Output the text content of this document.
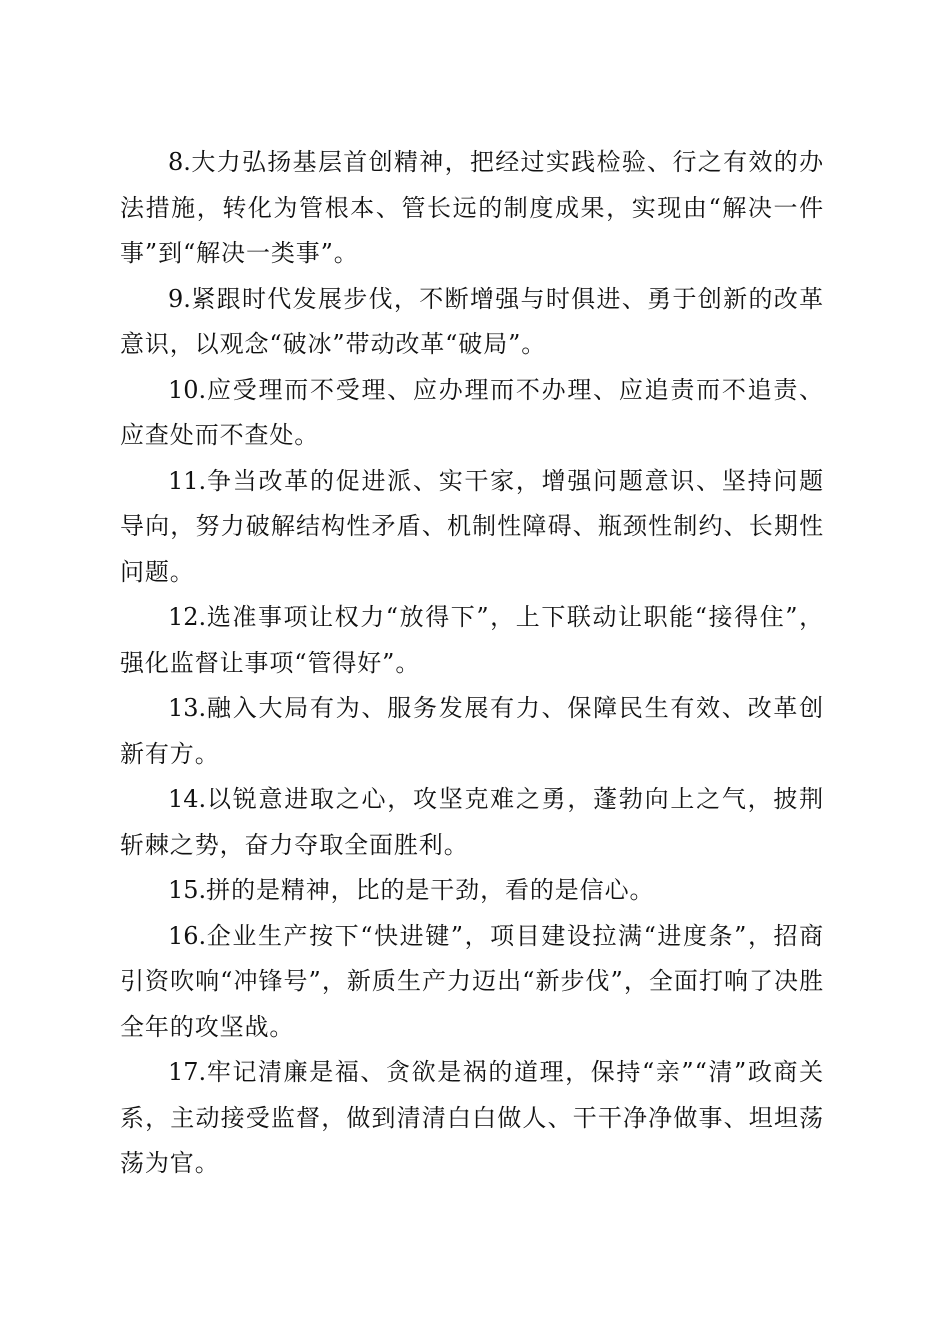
8.大力弘扬基层首创精神，把经过实践检验、行之有效的办法措施，转化为管根本、管长远的制度成果，实现由“解决一件事”到“解决一类事”。

9.紧跟时代发展步伐，不断增强与时俱进、勇于创新的改革意识，以观念“破冰”带动改革“破局”。

10.应受理而不受理、应办理而不办理、应追责而不追责、应查处而不查处。

11.争当改革的促进派、实干家，增强问题意识、坚持问题导向，努力破解结构性矛盾、机制性障碍、瓶颈性制约、长期性问题。

12.选准事项让权力“放得下”，上下联动让职能“接得住”，强化监督让事项“管得好”。

13.融入大局有为、服务发展有力、保障民生有效、改革创新有方。

14.以锐意进取之心，攻坚克难之勇，蓬勃向上之气，披荆斩棘之势，奋力夺取全面胜利。

15.拼的是精神，比的是干劲，看的是信心。

16.企业生产按下“快进键”，项目建设拉满“进度条”，招商引资吹响“冲锋号”，新质生产力迈出“新步伐”，全面打响了决胜全年的攻坚战。

17.牢记清廉是福、贪欲是祸的道理，保持“亲”“清”政商关系，主动接受监督，做到清清白白做人、干干净净做事、坦坦荡荡为官。
